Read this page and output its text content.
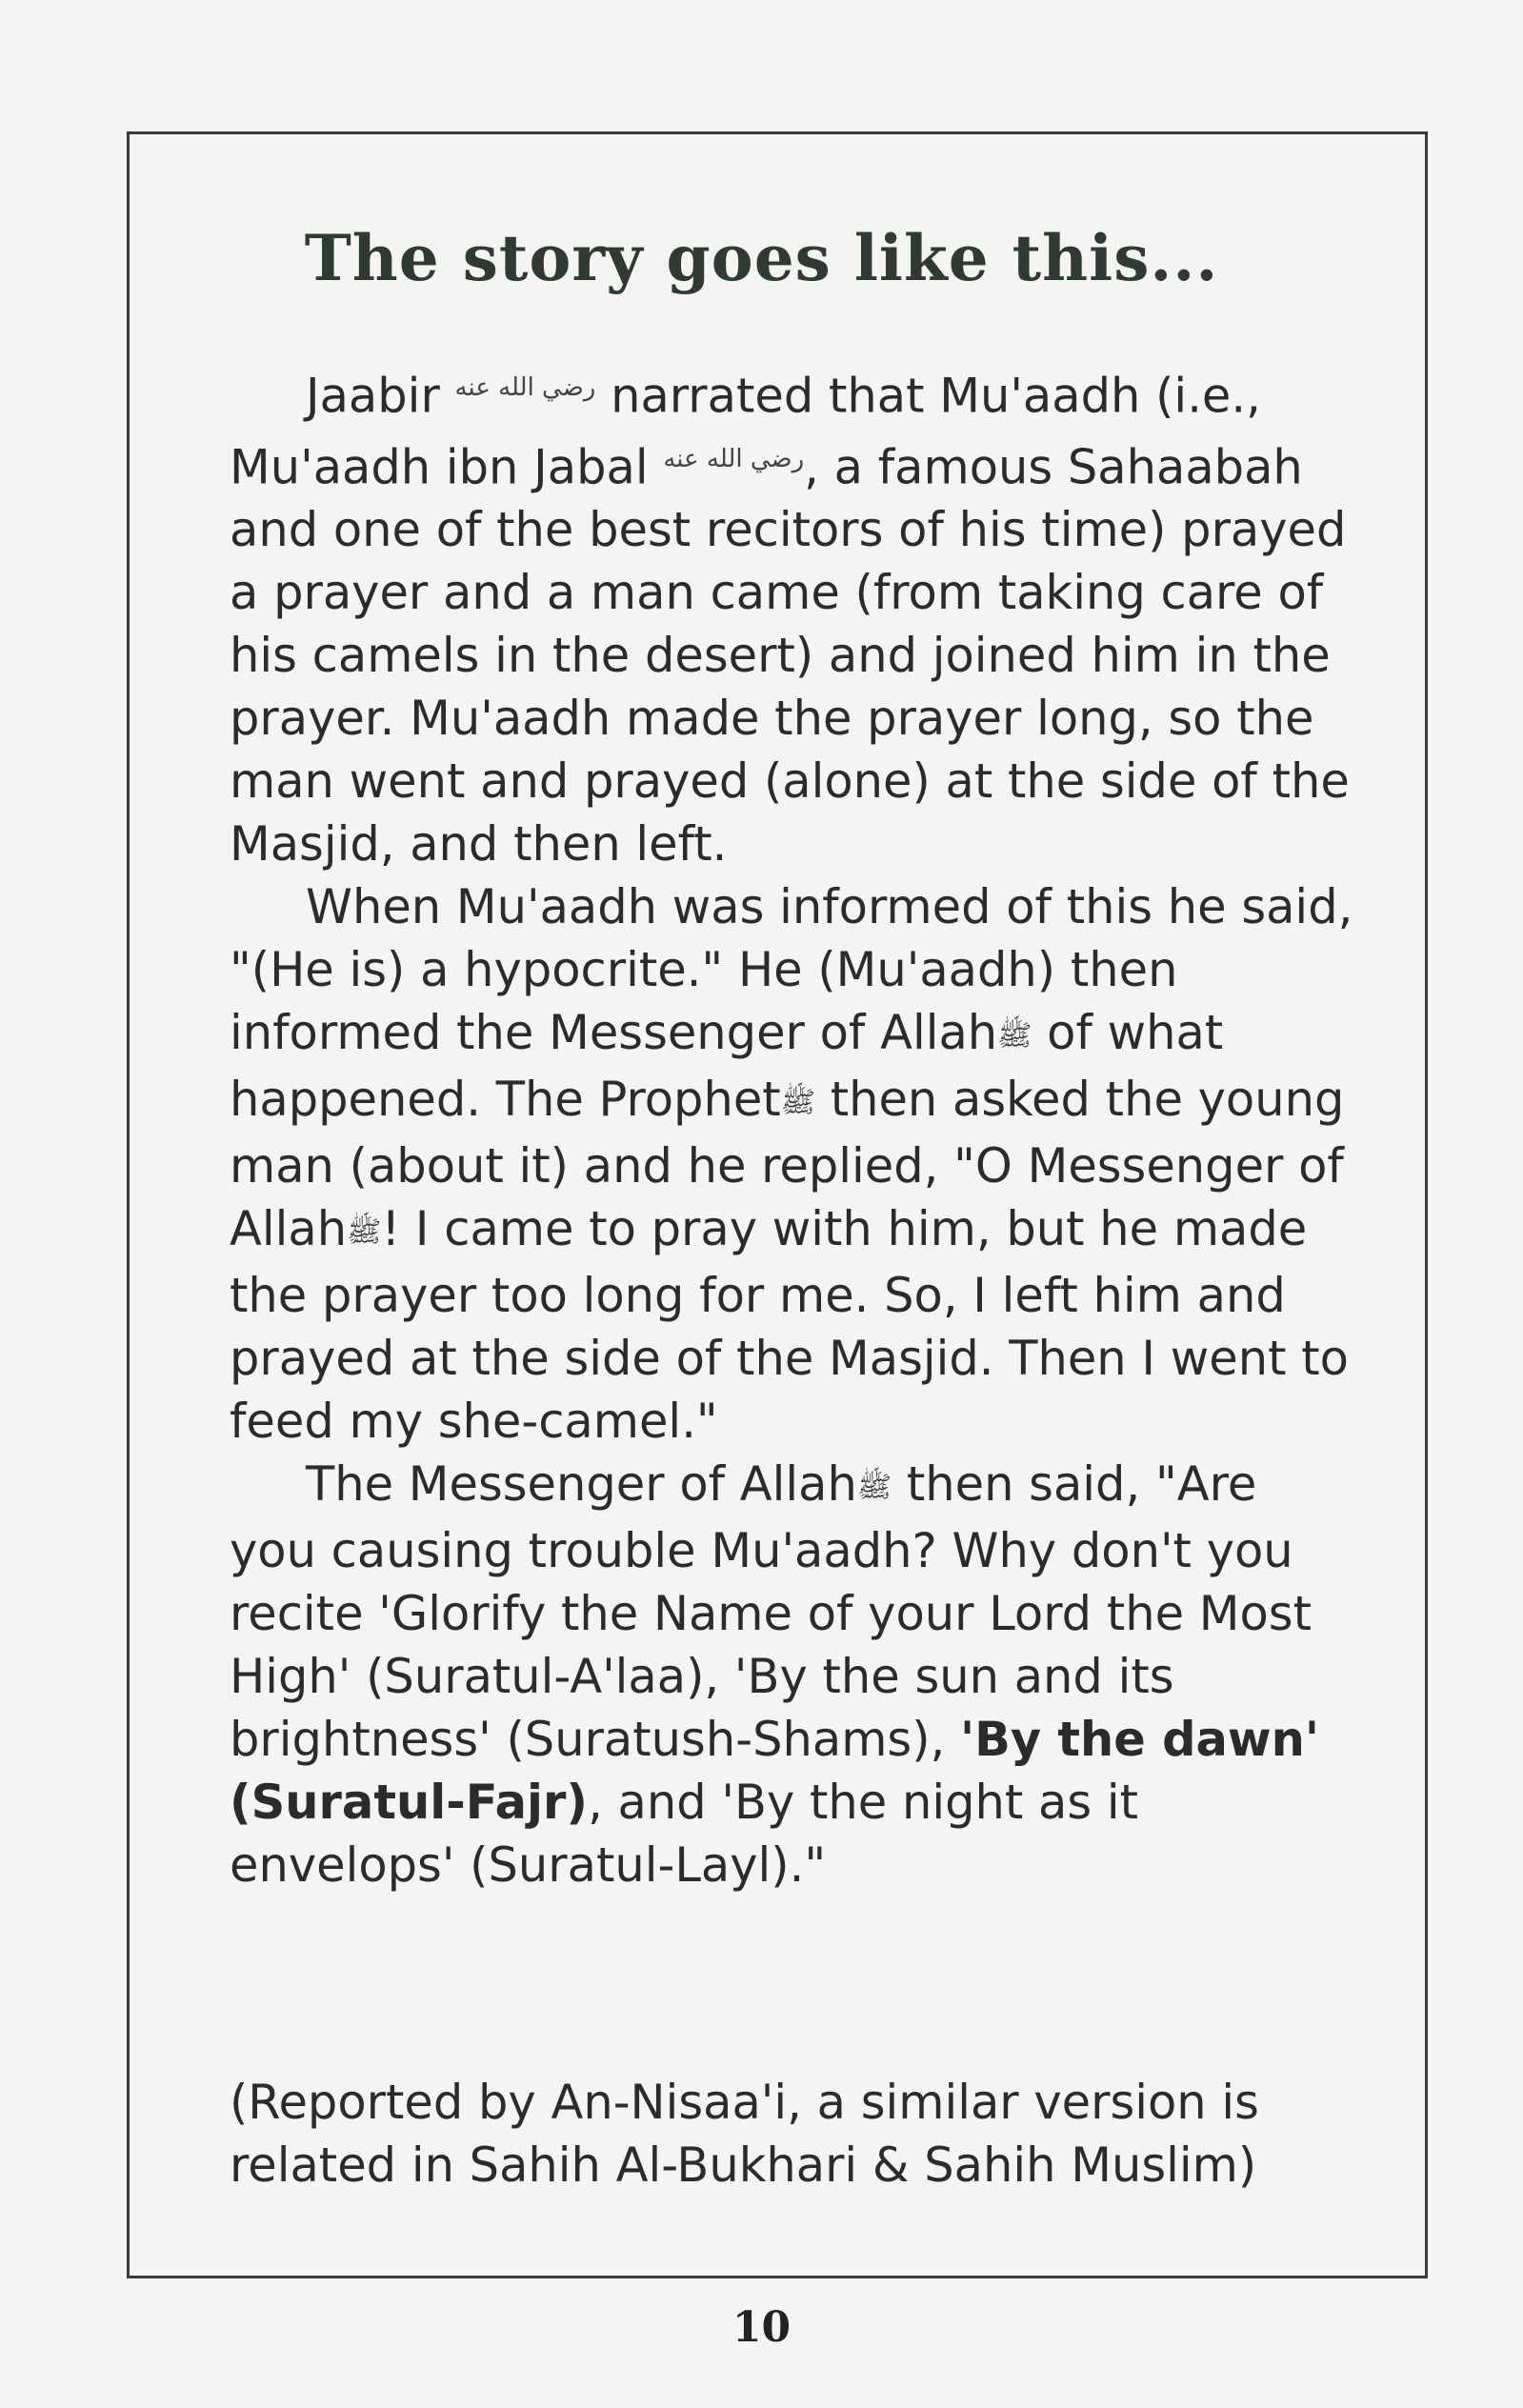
The story goes like this...

Jaabir $^{رضي الله عنه}$ narrated that Mu'aadh (i.e., Mu'aadh ibn Jabal $^{رضي الله عنه}$, a famous Sahaabah and one of the best recitors of his time) prayed a prayer and a man came (from taking care of his camels in the desert) and joined him in the prayer. Mu'aadh made the prayer long, so the man went and prayed (alone) at the side of the Masjid, and then left.

When Mu'aadh was informed of this he said, "(He is) a hypocrite." He (Mu'aadh) then informed the Messenger of Allahﷺ of what happened. The Prophetﷺ then asked the young man (about it) and he replied, "O Messenger of Allahﷺ! I came to pray with him, but he made the prayer too long for me. So, I left him and prayed at the side of the Masjid. Then I went to feed my she-camel."

The Messenger of Allahﷺ then said, "Are you causing trouble Mu'aadh? Why don't you recite 'Glorify the Name of your Lord the Most High' (Suratul-A'laa), 'By the sun and its brightness' (Suratush-Shams), 'By the dawn' (Suratul-Fajr), and 'By the night as it envelops' (Suratul-Layl)."

(Reported by An-Nisaa'i, a similar version is related in Sahih Al-Bukhari & Sahih Muslim)

10
